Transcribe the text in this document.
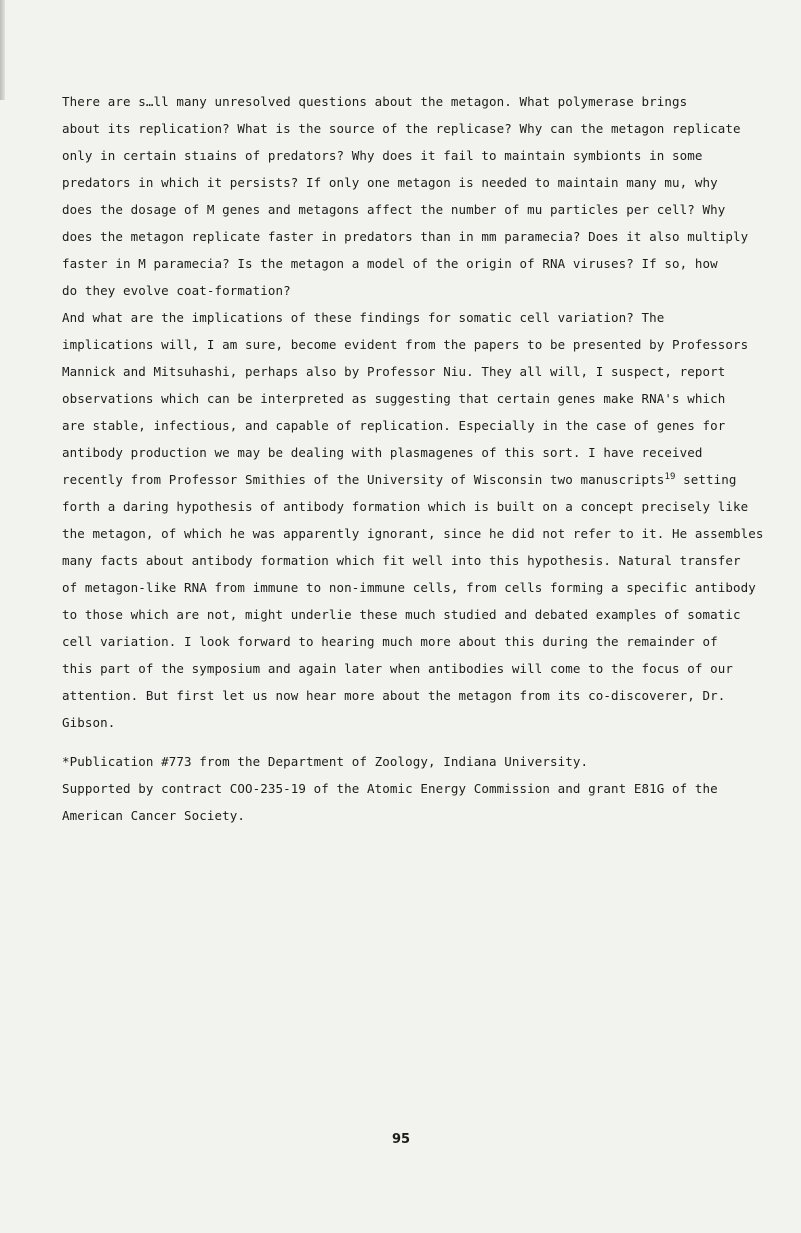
There are s…ll many unresolved questions about the metagon. What polymerase brings
about its replication? What is the source of the replicase? Why can the metagon replicate
only in certain stıains of predators? Why does it fail to maintain symbionts in some
predators in which it persists? If only one metagon is needed to maintain many mu, why
does the dosage of M genes and metagons affect the number of mu particles per cell? Why
does the metagon replicate faster in predators than in mm paramecia? Does it also multiply
faster in M paramecia? Is the metagon a model of the origin of RNA viruses? If so, how
do they evolve coat-formation?
And what are the implications of these findings for somatic cell variation? The
implications will, I am sure, become evident from the papers to be presented by Professors
Mannick and Mitsuhashi, perhaps also by Professor Niu. They all will, I suspect, report
observations which can be interpreted as suggesting that certain genes make RNA's which
are stable, infectious, and capable of replication. Especially in the case of genes for
antibody production we may be dealing with plasmagenes of this sort. I have received
recently from Professor Smithies of the University of Wisconsin two manuscripts$^{19}$ setting
forth a daring hypothesis of antibody formation which is built on a concept precisely like
the metagon, of which he was apparently ignorant, since he did not refer to it. He assembles
many facts about antibody formation which fit well into this hypothesis. Natural transfer
of metagon-like RNA from immune to non-immune cells, from cells forming a specific antibody
to those which are not, might underlie these much studied and debated examples of somatic
cell variation. I look forward to hearing much more about this during the remainder of
this part of the symposium and again later when antibodies will come to the focus of our
attention. But first let us now hear more about the metagon from its co-discoverer, Dr.
Gibson.
*Publication #773 from the Department of Zoology, Indiana University.
Supported by contract COO-235-19 of the Atomic Energy Commission and grant E81G of the
American Cancer Society.
95
